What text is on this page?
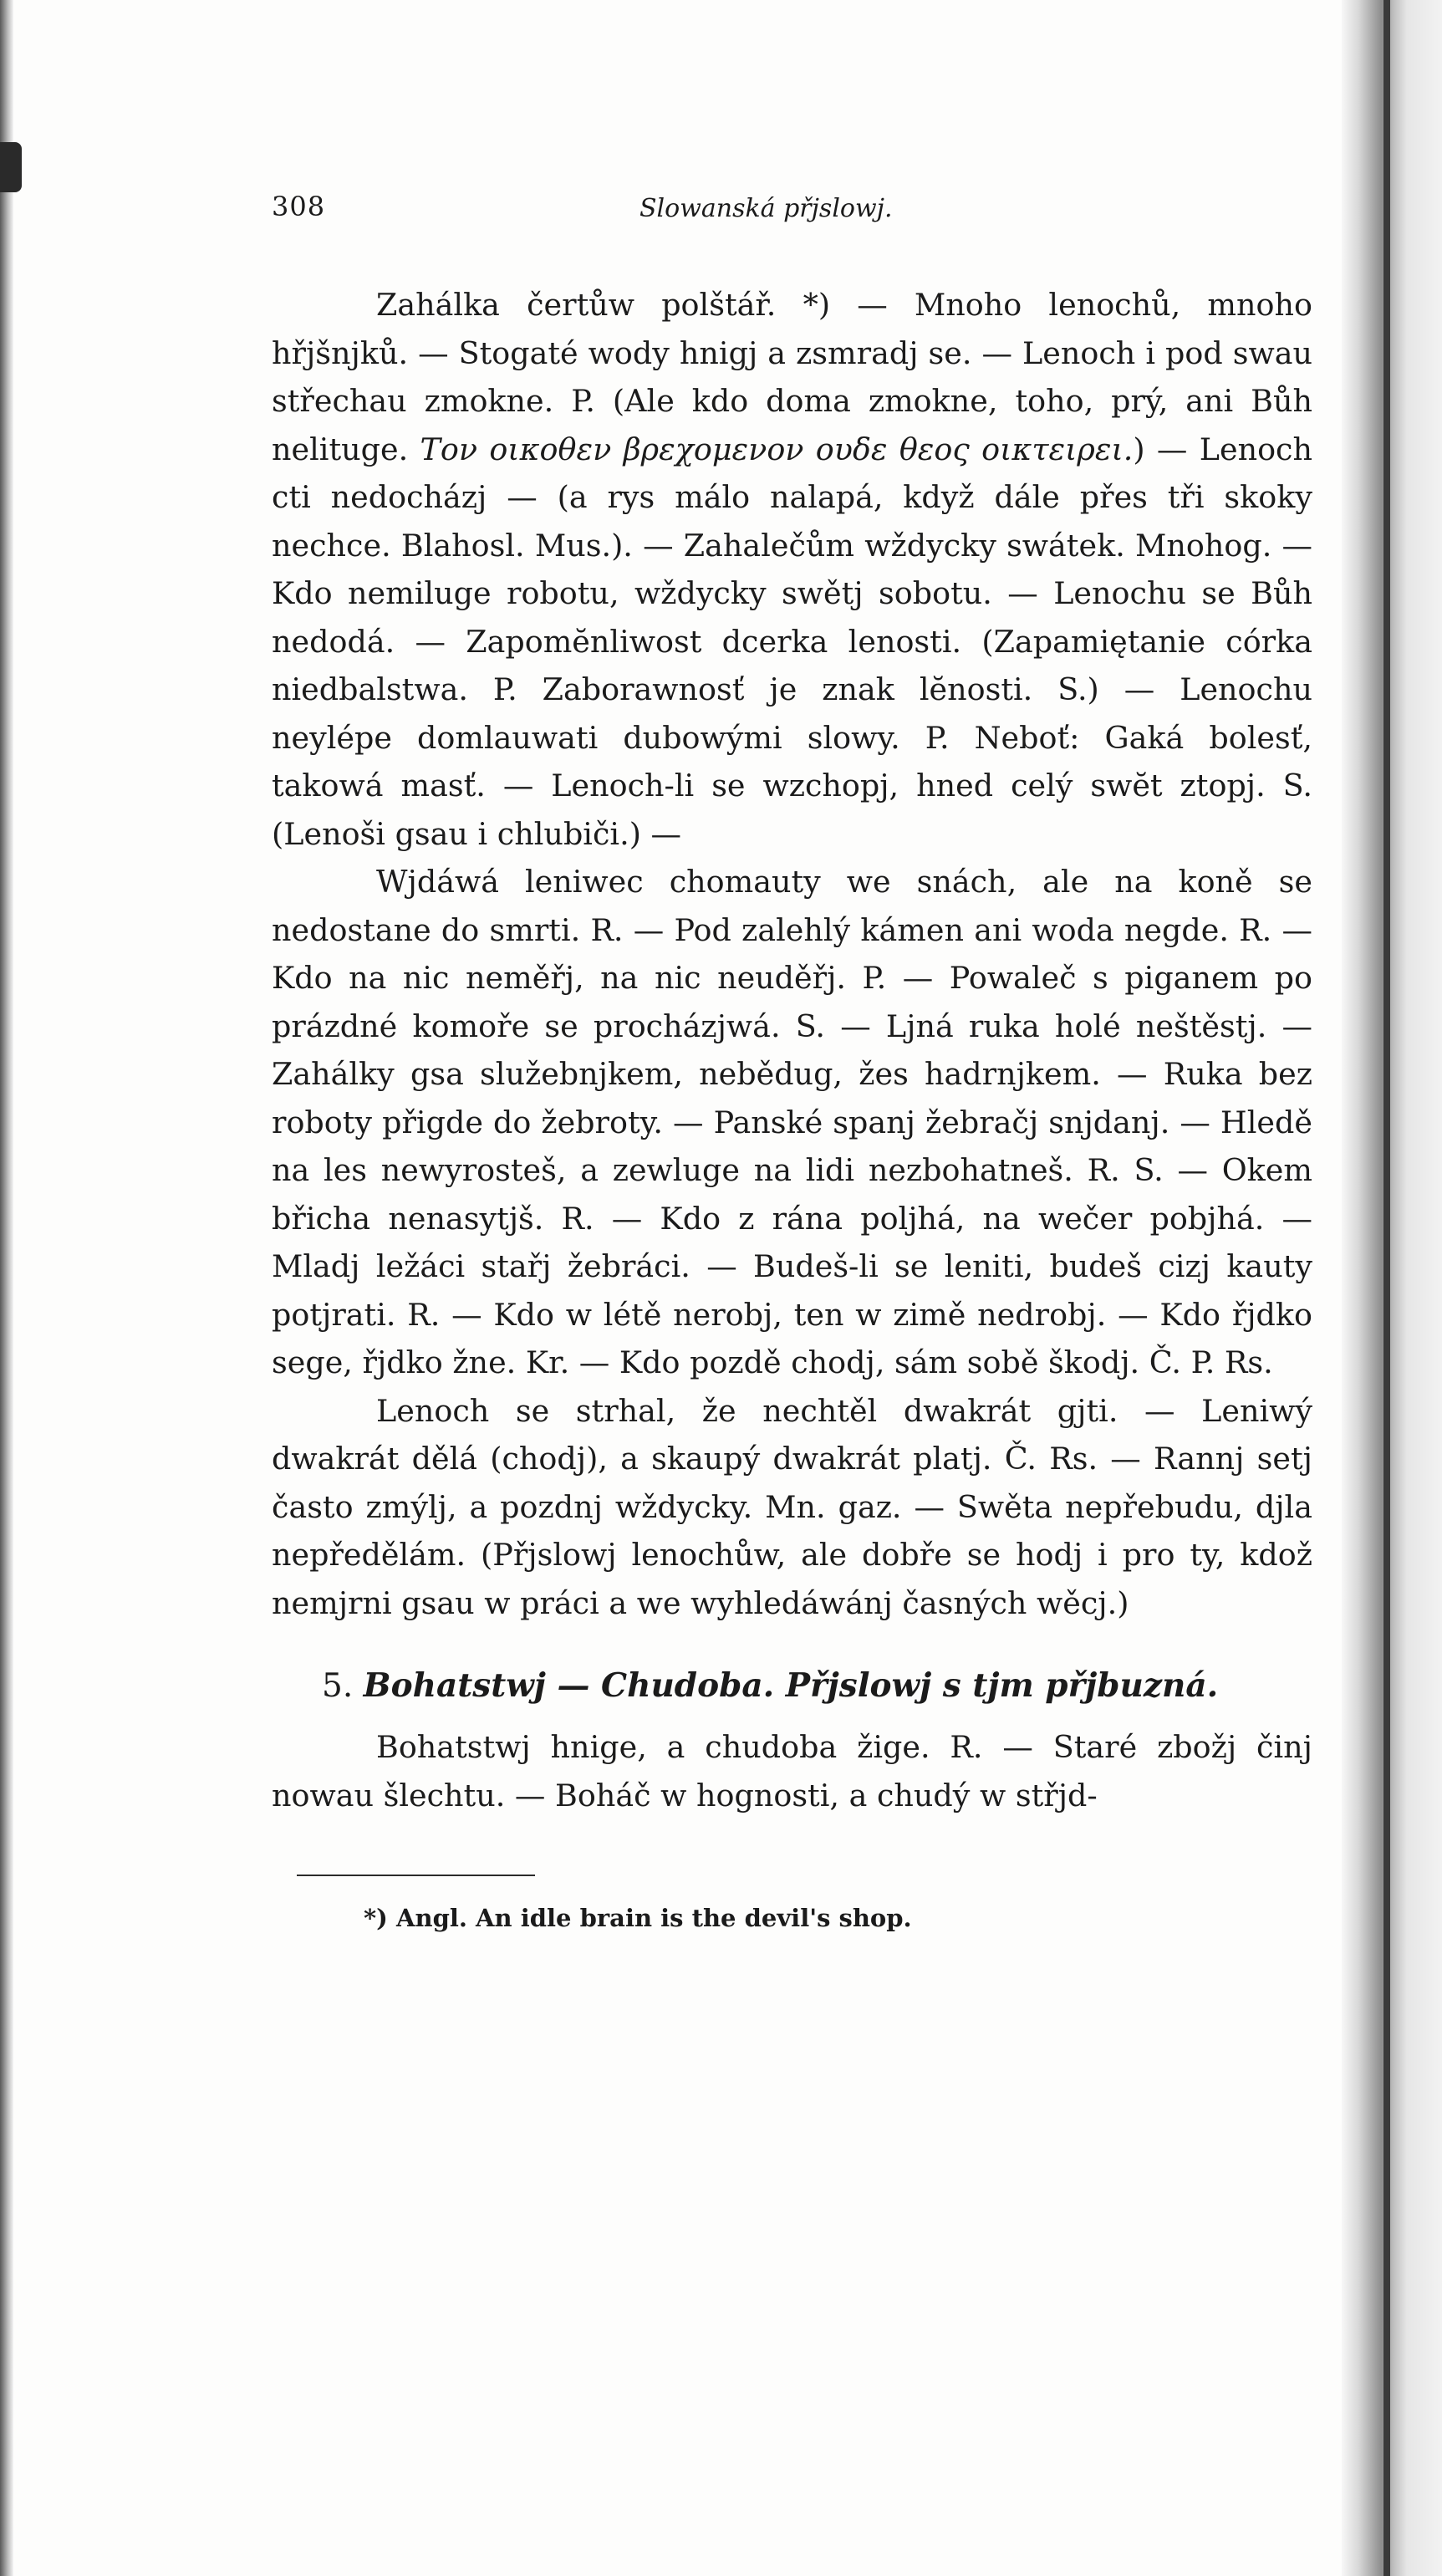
308	Slowanská přjslowj.

Zahálka čertůw polštář. *) — Mnoho lenochů, mnoho hřjšnjků. — Stogaté wody hnigj a zsmradj se. — Lenoch i pod swau střechau zmokne. P. (Ale kdo doma zmokne, toho, prý, ani Bůh nelituge. Τον οικοθεν βρεχομενον ουδε θεος οικτειρει.) — Lenoch cti nedocházj — (a rys málo nalapá, když dále přes tři skoky nechce. Blahosl. Mus.). — Zahalečům wždycky swátek. Mnohog. — Kdo nemiluge robotu, wždycky swětj sobotu. — Lenochu se Bůh nedodá. — Zapomĕnliwost dcerka lenosti. (Zapamiętanie córka niedbalstwa. P. Zaborawnosť je znak lĕnosti. S.) — Lenochu neylépe domlauwati dubowými slowy. P. Neboť: Gaká bolesť, takowá masť. — Lenoch-li se wzchopj, hned celý swĕt ztopj. S. (Lenoši gsau i chlubiči.) —

Wjdáwá leniwec chomauty we snách, ale na koně se nedostane do smrti. R. — Pod zalehlý kámen ani woda negde. R. — Kdo na nic neměřj, na nic neuděřj. P. — Powaleč s piganem po prázdné komoře se procházjwá. S. — Ljná ruka holé neštěstj. — Zahálky gsa služebnjkem, nebědug, žes hadrnjkem. — Ruka bez roboty přigde do žebroty. — Panské spanj žebračj snjdanj. — Hledě na les newyrosteš, a zewluge na lidi nezbohatneš. R. S. — Okem břicha nenasytjš. R. — Kdo z rána poljhá, na wečer pobjhá. — Mladj ležáci stařj žebráci. — Budeš-li se leniti, budeš cizj kauty potjrati. R. — Kdo w létě nerobj, ten w zimě nedrobj. — Kdo řjdko sege, řjdko žne. Kr. — Kdo pozdě chodj, sám sobě škodj. Č. P. Rs.

Lenoch se strhal, že nechtěl dwakrát gjti. — Leniwý dwakrát dělá (chodj), a skaupý dwakrát platj. Č. Rs. — Rannj setj často zmýlj, a pozdnj wždycky. Mn. gaz. — Swěta nepřebudu, djla nepředělám. (Přjslowj lenochůw, ale dobře se hodj i pro ty, kdož nemjrni gsau w práci a we wyhledáwánj časných wěcj.)

5. Bohatstwj — Chudoba. Přjslowj s tjm přjbuzná.

Bohatstwj hnige, a chudoba žige. R. — Staré zbožj činj nowau šlechtu. — Boháč w hognosti, a chudý w střjd-

*) Angl. An idle brain is the devil's shop.
